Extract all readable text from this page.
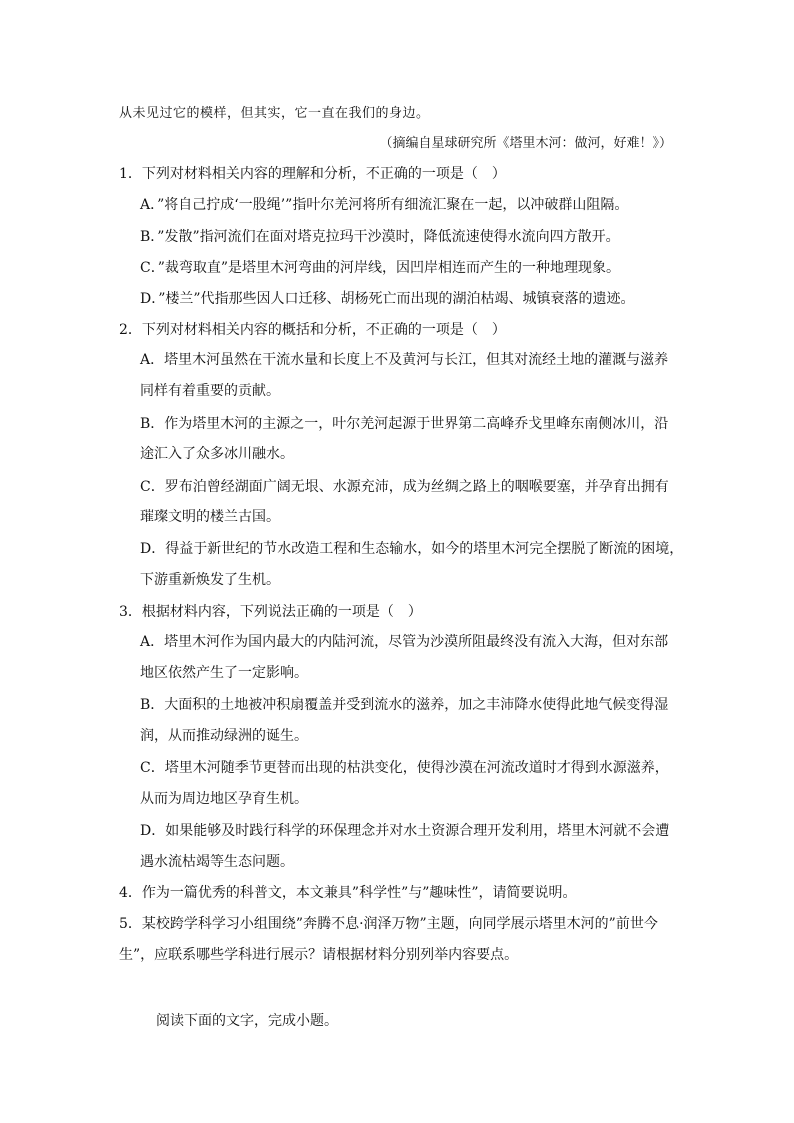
从未见过它的模样，但其实，它一直在我们的身边。
（摘编自星球研究所《塔里木河：做河，好难！》）
1．下列对材料相关内容的理解和分析，不正确的一项是（　）
A．”将自己拧成‘一股绳’”指叶尔羌河将所有细流汇聚在一起，以冲破群山阻隔。
B．”发散”指河流们在面对塔克拉玛干沙漠时，降低流速使得水流向四方散开。
C．”裁弯取直”是塔里木河弯曲的河岸线，因凹岸相连而产生的一种地理现象。
D．”楼兰”代指那些因人口迁移、胡杨死亡而出现的湖泊枯竭、城镇衰落的遗迹。
2．下列对材料相关内容的概括和分析，不正确的一项是（　）
A．塔里木河虽然在干流水量和长度上不及黄河与长江，但其对流经土地的灌溉与滋养
同样有着重要的贡献。
B．作为塔里木河的主源之一，叶尔羌河起源于世界第二高峰乔戈里峰东南侧冰川，沿
途汇入了众多冰川融水。
C．罗布泊曾经湖面广阔无垠、水源充沛，成为丝绸之路上的咽喉要塞，并孕育出拥有
璀璨文明的楼兰古国。
D．得益于新世纪的节水改造工程和生态输水，如今的塔里木河完全摆脱了断流的困境，
下游重新焕发了生机。
3．根据材料内容，下列说法正确的一项是（　）
A．塔里木河作为国内最大的内陆河流，尽管为沙漠所阻最终没有流入大海，但对东部
地区依然产生了一定影响。
B．大面积的土地被冲积扇覆盖并受到流水的滋养，加之丰沛降水使得此地气候变得湿
润，从而推动绿洲的诞生。
C．塔里木河随季节更替而出现的枯洪变化，使得沙漠在河流改道时才得到水源滋养，
从而为周边地区孕育生机。
D．如果能够及时践行科学的环保理念并对水土资源合理开发利用，塔里木河就不会遭
遇水流枯竭等生态问题。
4．作为一篇优秀的科普文，本文兼具”科学性”与”趣味性”，请简要说明。
5．某校跨学科学习小组围绕”奔腾不息·润泽万物”主题，向同学展示塔里木河的”前世今
生”，应联系哪些学科进行展示？请根据材料分别列举内容要点。
阅读下面的文字，完成小题。
